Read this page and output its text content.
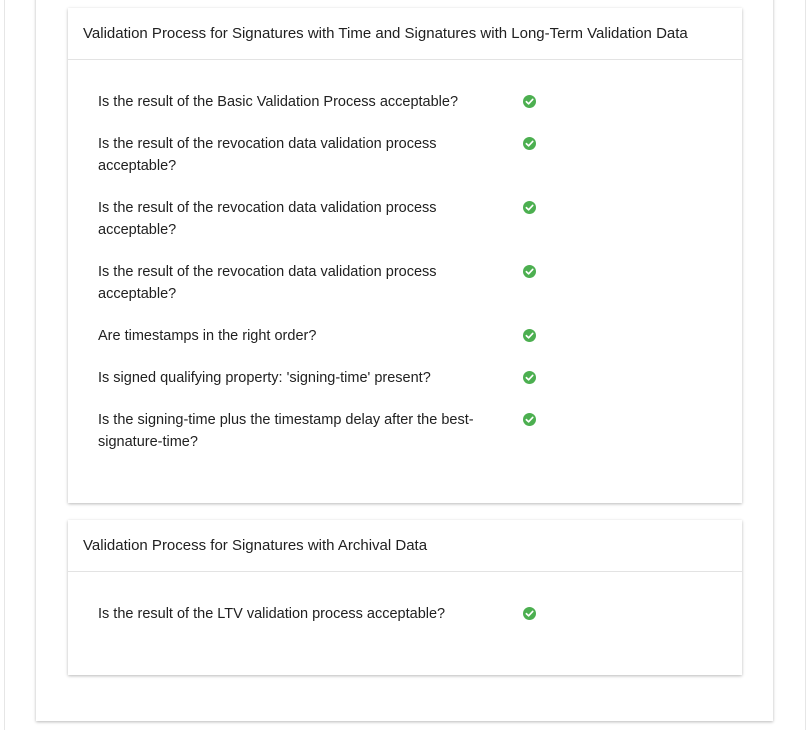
Validation Process for Signatures with Time and Signatures with Long-Term Validation Data
Is the result of the Basic Validation Process acceptable?
Is the result of the revocation data validation process acceptable?
Is the result of the revocation data validation process acceptable?
Is the result of the revocation data validation process acceptable?
Are timestamps in the right order?
Is signed qualifying property: 'signing-time' present?
Is the signing-time plus the timestamp delay after the best-signature-time?
Validation Process for Signatures with Archival Data
Is the result of the LTV validation process acceptable?
